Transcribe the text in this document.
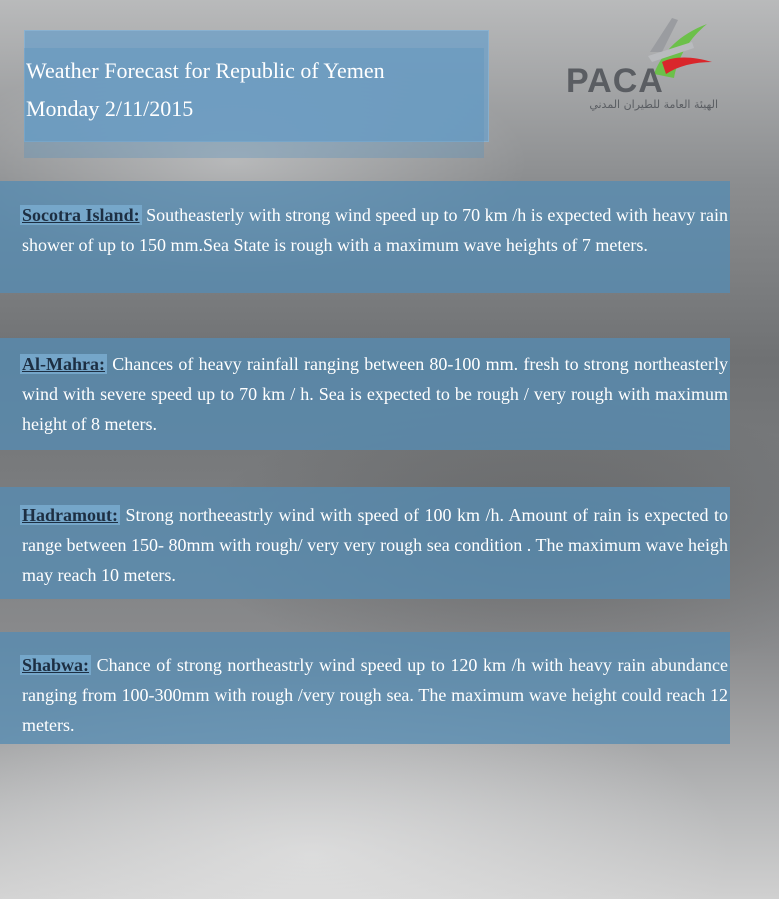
Weather Forecast for Republic of Yemen
Monday 2/11/2015
PACA
الهيئة العامة للطيران المدني

Socotra Island: Southeasterly with strong wind speed up to 70 km /h is expected with heavy rain shower of up to 150 mm.Sea State is rough with a maximum wave heights of 7 meters.

Al-Mahra: Chances of heavy rainfall ranging between 80-100 mm. fresh to strong northeasterly wind with severe speed up to 70 km / h. Sea is expected to be rough / very rough with maximum height of 8 meters.

Hadramout: Strong northeeastrly wind with speed of 100 km /h. Amount of rain is expected to range between 150- 80mm with rough/ very very rough sea condition . The maximum wave heigh may reach 10 meters.

Shabwa: Chance of strong northeastrly wind speed up to 120 km /h with heavy rain abundance ranging from 100-300mm with rough /very rough sea. The maximum wave height could reach 12 meters.
